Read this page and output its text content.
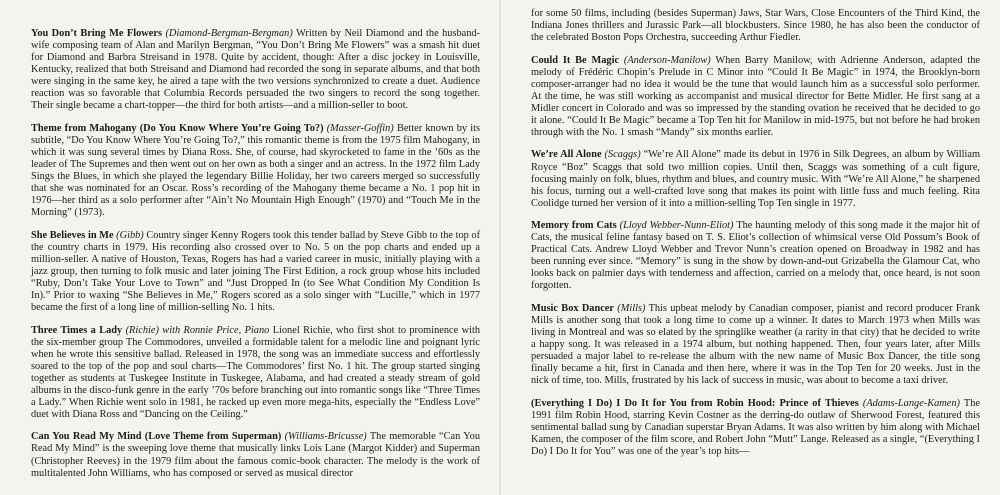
You Don’t Bring Me Flowers (Diamond-Bergman-Bergman) Written by Neil Diamond and the husband-wife composing team of Alan and Marilyn Bergman, “You Don’t Bring Me Flowers” was a smash hit duet for Diamond and Barbra Streisand in 1978. Quite by accident, though: After a disc jockey in Louisville, Kentucky, realized that both Streisand and Diamond had recorded the song in separate albums, and that both were singing in the same key, he aired a tape with the two versions synchronized to create a duet. Audience reaction was so favorable that Columbia Records persuaded the two singers to record the song together. Their single became a chart-topper—the third for both artists—and a million-seller to boot.

Theme from Mahogany (Do You Know Where You’re Going To?) (Masser-Goffin) Better known by its subtitle, “Do You Know Where You’re Going To?,” this romantic theme is from the 1975 film Mahogany, in which it was sung several times by Diana Ross. She, of course, had skyrocketed to fame in the ’60s as the leader of The Supremes and then went out on her own as both a singer and an actress. In the 1972 film Lady Sings the Blues, in which she played the legendary Billie Holiday, her two careers merged so successfully that she was nominated for an Oscar. Ross’s recording of the Mahogany theme became a No. 1 pop hit in 1976—her third as a solo performer after “Ain’t No Mountain High Enough” (1970) and “Touch Me in the Morning” (1973).

She Believes in Me (Gibb) Country singer Kenny Rogers took this tender ballad by Steve Gibb to the top of the country charts in 1979. His recording also crossed over to No. 5 on the pop charts and ended up a million-seller. A native of Houston, Texas, Rogers has had a varied career in music, initially playing with a jazz group, then turning to folk music and later joining The First Edition, a rock group whose hits included “Ruby, Don’t Take Your Love to Town” and “Just Dropped In (to See What Condition My Condition Is In).” Prior to waxing “She Believes in Me,” Rogers scored as a solo singer with “Lucille,” which in 1977 became the first of a long line of million-selling No. 1 hits.

Three Times a Lady (Richie) with Ronnie Price, Piano Lionel Richie, who first shot to prominence with the six-member group The Commodores, unveiled a formidable talent for a melodic line and poignant lyric when he wrote this sensitive ballad. Released in 1978, the song was an immediate success and effortlessly soared to the top of the pop and soul charts—The Commodores’ first No. 1 hit. The group started singing together as students at Tuskegee Institute in Tuskegee, Alabama, and had created a steady stream of gold albums in the disco-funk genre in the early ’70s before branching out into romantic songs like “Three Times a Lady.” When Richie went solo in 1981, he racked up even more mega-hits, especially the “Endless Love” duet with Diana Ross and “Dancing on the Ceiling.”

Can You Read My Mind (Love Theme from Superman) (Williams-Bricusse) The memorable “Can You Read My Mind” is the sweeping love theme that musically links Lois Lane (Margot Kidder) and Superman (Christopher Reeves) in the 1979 film about the famous comic-book character. The melody is the work of multitalented John Williams, who has composed or served as musical director

for some 50 films, including (besides Superman) Jaws, Star Wars, Close Encounters of the Third Kind, the Indiana Jones thrillers and Jurassic Park—all blockbusters. Since 1980, he has also been the conductor of the celebrated Boston Pops Orchestra, succeeding Arthur Fiedler.

Could It Be Magic (Anderson-Manilow) When Barry Manilow, with Adrienne Anderson, adapted the melody of Frédéric Chopin’s Prelude in C Minor into “Could It Be Magic” in 1974, the Brooklyn-born composer-arranger had no idea it would be the tune that would launch him as a successful solo performer. At the time, he was still working as accompanist and musical director for Bette Midler. He first sang at a Midler concert in Colorado and was so impressed by the standing ovation he received that he decided to go it alone. “Could It Be Magic” became a Top Ten hit for Manilow in mid-1975, but not before he had broken through with the No. 1 smash “Mandy” six months earlier.

We’re All Alone (Scaggs) “We’re All Alone” made its debut in 1976 in Silk Degrees, an album by William Royce “Boz” Scaggs that sold two million copies. Until then, Scaggs was something of a cult figure, focusing mainly on folk, blues, rhythm and blues, and country music. With “We’re All Alone,” he sharpened his focus, turning out a well-crafted love song that makes its point with little fuss and much feeling. Rita Coolidge turned her version of it into a million-selling Top Ten single in 1977.

Memory from Cats (Lloyd Webber-Nunn-Eliot) The haunting melody of this song made it the major hit of Cats, the musical feline fantasy based on T. S. Eliot’s collection of whimsical verse Old Possum’s Book of Practical Cats. Andrew Lloyd Webber and Trevor Nunn’s creation opened on Broadway in 1982 and has been running ever since. “Memory” is sung in the show by down-and-out Grizabella the Glamour Cat, who looks back on palmier days with tenderness and affection, carried on a melody that, once heard, is not soon forgotten.

Music Box Dancer (Mills) This upbeat melody by Canadian composer, pianist and record producer Frank Mills is another song that took a long time to come up a winner. It dates to March 1973 when Mills was living in Montreal and was so elated by the springlike weather (a rarity in that city) that he decided to write a happy song. It was released in a 1974 album, but nothing happened. Then, four years later, after Mills persuaded a major label to re-release the album with the new name of Music Box Dancer, the title song finally became a hit, first in Canada and then here, where it was in the Top Ten for 20 weeks. Just in the nick of time, too. Mills, frustrated by his lack of success in music, was about to become a taxi driver.

(Everything I Do) I Do It for You from Robin Hood: Prince of Thieves (Adams-Lange-Kamen) The 1991 film Robin Hood, starring Kevin Costner as the derring-do outlaw of Sherwood Forest, featured this sentimental ballad sung by Canadian superstar Bryan Adams. It was also written by him along with Michael Kamen, the composer of the film score, and Robert John “Mutt” Lange. Released as a single, “(Everything I Do) I Do It for You” was one of the year’s top hits—
